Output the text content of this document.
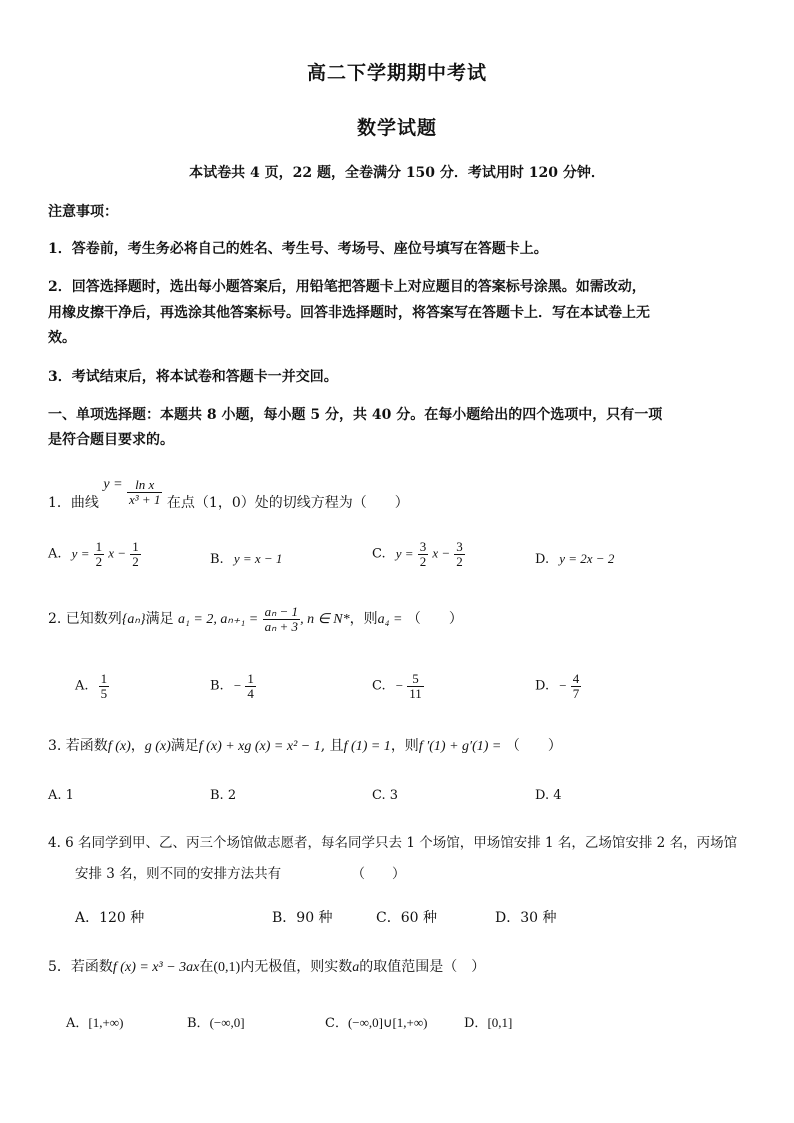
高二下学期期中考试
数学试题
本试卷共 4 页，22 题，全卷满分 150 分．考试用时 120 分钟．
注意事项：
1．答卷前，考生务必将自己的姓名、考生号、考场号、座位号填写在答题卡上。
2．回答选择题时，选出每小题答案后，用铅笔把答题卡上对应题目的答案标号涂黑。如需改动，
用橡皮擦干净后，再选涂其他答案标号。回答非选择题时，将答案写在答题卡上．写在本试卷上无
效。
3．考试结束后，将本试卷和答题卡一并交回。
一、单项选择题：本题共 8 小题，每小题 5 分，共 40 分。在每小题给出的四个选项中，只有一项
是符合题目要求的。
1．曲线 $y = \frac{\text{ln x}}{\text{x³ + 1}}$ 在点（1，0）处的切线方程为（　　）
A. $y = \frac{1}{2}$ $x - \frac{1}{2}$	B. y = x − 1	C. $y = \frac{3}{2}$ $x - \frac{3}{2}$	D. y = 2x − 2
2. 已知数列{aₙ}满足 a₁ = 2, $a_{n+1} = \frac{\text{aₙ − 1}}{\text{aₙ + 3}}$ , n ∈ N*，则a₄ = （　　）
A. $\frac{1}{5}$	B. − $\frac{1}{4}$	C. − $\frac{5}{11}$	D. − $\frac{4}{7}$
3. 若函数f (x)，g (x)满足f (x) + xg (x) = x² − 1, 且f (1) = 1，则f ′(1) + g′(1) = （　　）
A. 1	B. 2	C. 3	D. 4
4. 6 名同学到甲、乙、丙三个场馆做志愿者，每名同学只去 1 个场馆，甲场馆安排 1 名，乙场馆安排 2 名，丙场馆
安排 3 名，则不同的安排方法共有	（　　）
A．120 种	B．90 种	C．60 种	D．30 种
5．若函数f (x) = x³ − 3ax在(0,1)内无极值，则实数a的取值范围是（　）
A．[1,+∞)	B．(−∞,0]	C．(−∞,0]∪[1,+∞)	D．[0,1]
